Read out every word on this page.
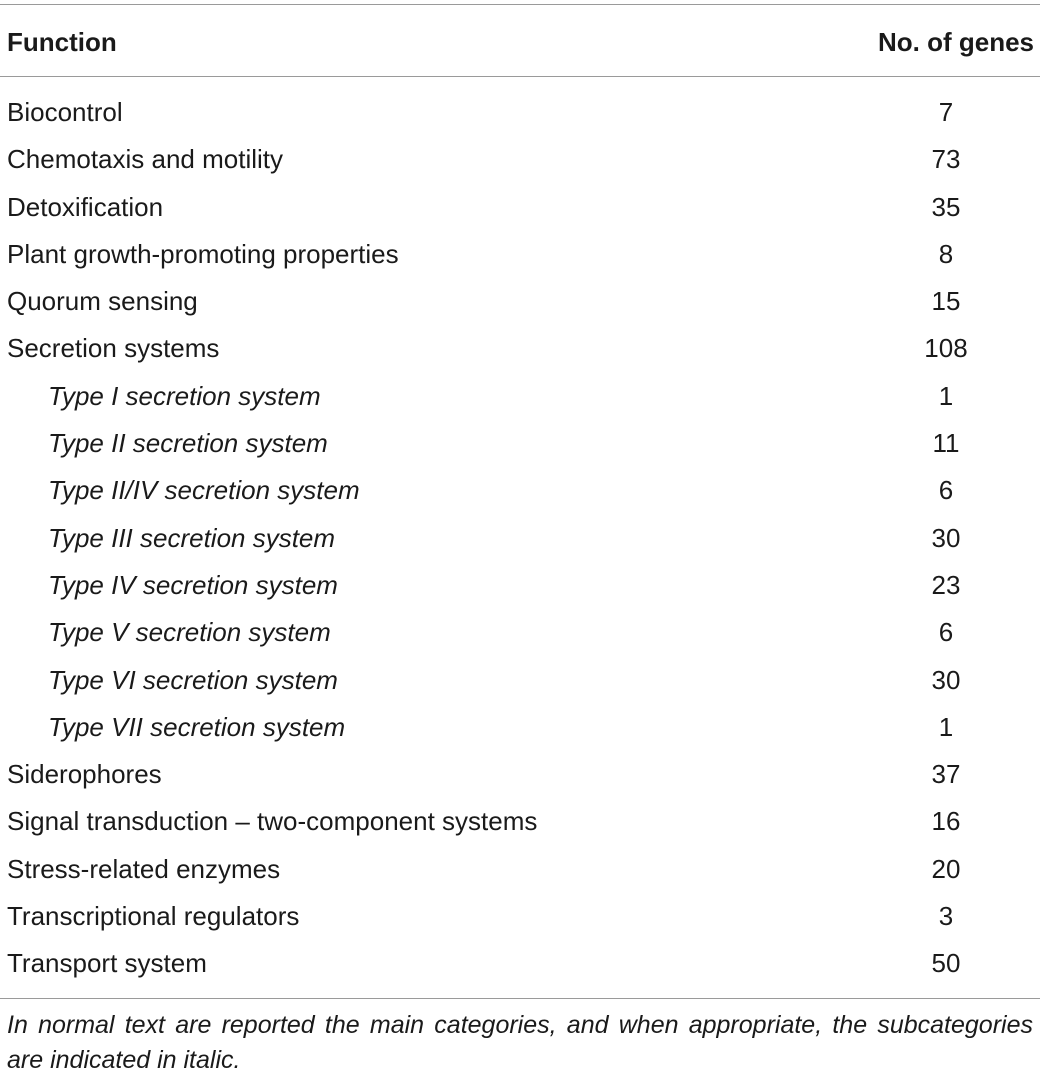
Function	No. of genes
Biocontrol	7
Chemotaxis and motility	73
Detoxification	35
Plant growth-promoting properties	8
Quorum sensing	15
Secretion systems	108
Type I secretion system	1
Type II secretion system	11
Type II/IV secretion system	6
Type III secretion system	30
Type IV secretion system	23
Type V secretion system	6
Type VI secretion system	30
Type VII secretion system	1
Siderophores	37
Signal transduction – two-component systems	16
Stress-related enzymes	20
Transcriptional regulators	3
Transport system	50
In normal text are reported the main categories, and when appropriate, the subcategories are indicated in italic.
